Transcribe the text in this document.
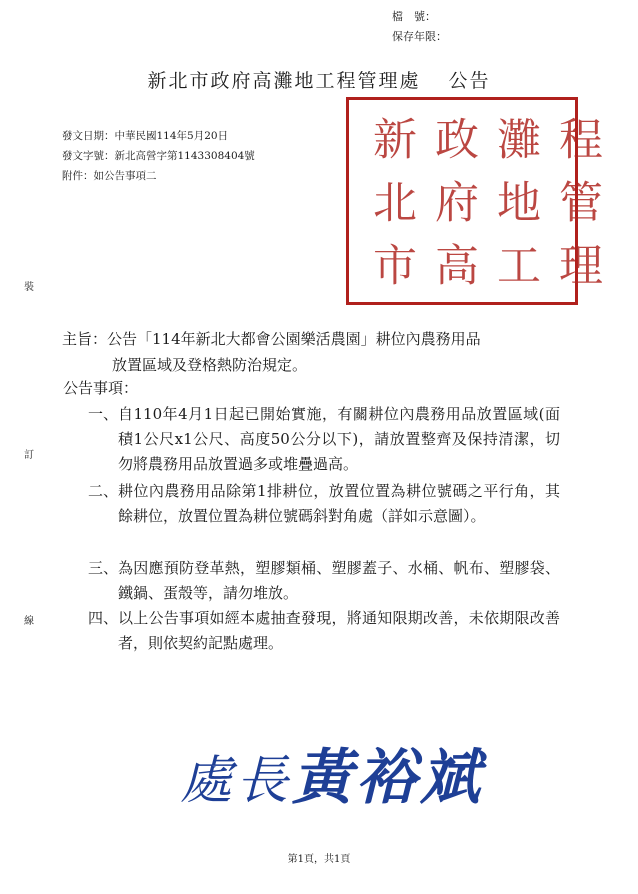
檔　號：
保存年限：
新北市政府高灘地工程管理處 公告
發文日期：中華民國114年5月20日
發文字號：新北高營字第1143308404號
附件：如公告事項二
新 政 灘 程
北 府 地 管
市 高 工 理
裝
訂
線
主旨：公告「114年新北大都會公園樂活農園」耕位內農務用品
放置區域及登格熱防治規定。
公告事項：
一、 自110年4月1日起已開始實施，有關耕位內農務用品放置區域(面積1公尺x1公尺、高度50公分以下)，請放置整齊及保持清潔，切勿將農務用品放置過多或堆疊過高。
二、 耕位內農務用品除第1排耕位，放置位置為耕位號碼之平行角，其餘耕位，放置位置為耕位號碼斜對角處（詳如示意圖）。
三、 為因應預防登革熱，塑膠類桶、塑膠蓋子、水桶、帆布、塑膠袋、鐵鍋、蛋殼等，請勿堆放。
四、 以上公告事項如經本處抽查發現，將通知限期改善，未依期限改善者，則依契約記點處理。
處長黃裕斌
第1頁，共1頁
